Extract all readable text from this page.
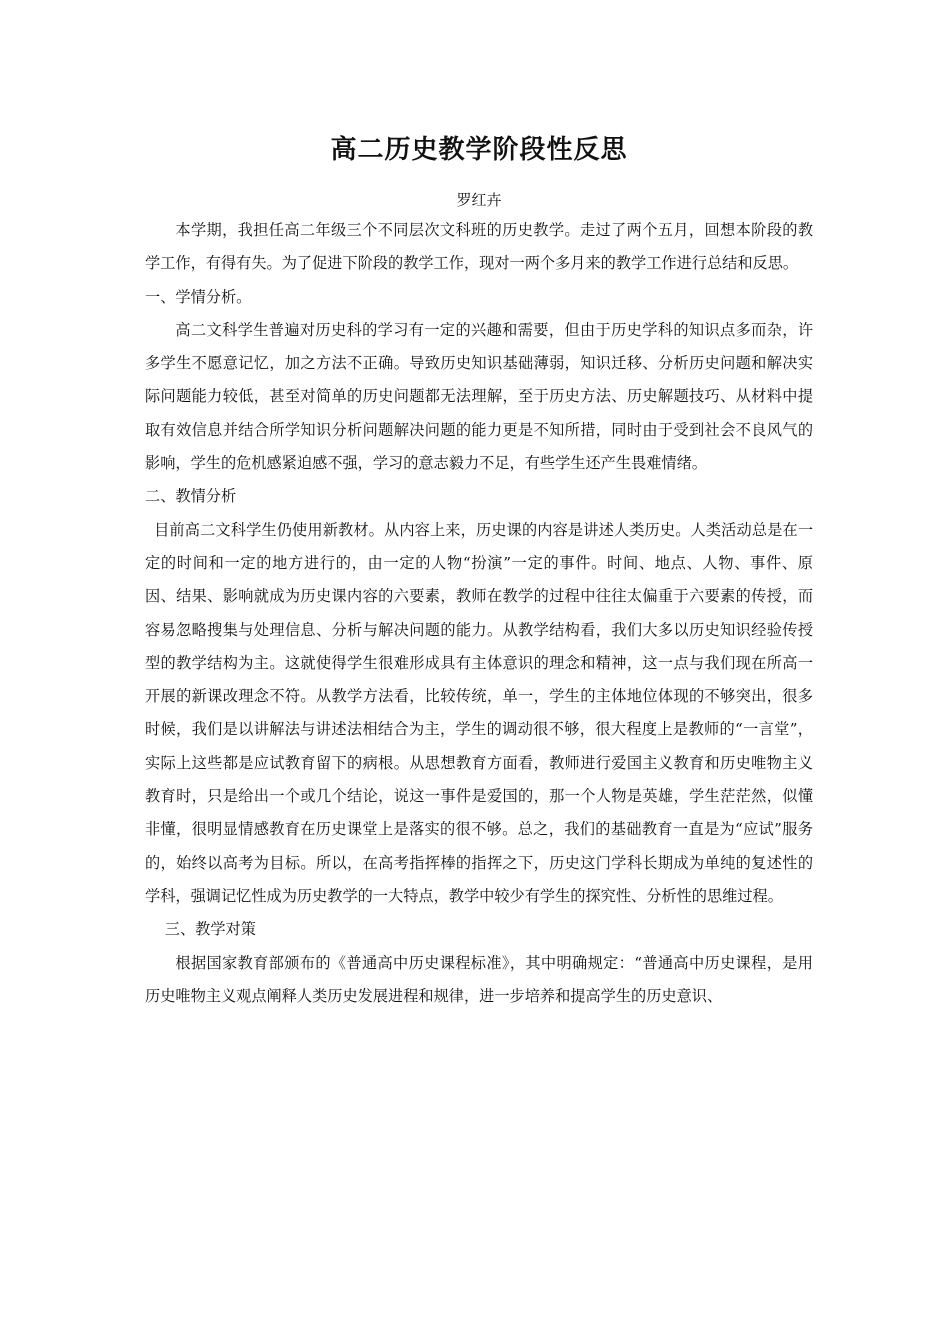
高二历史教学阶段性反思
罗红卉

本学期，我担任高二年级三个不同层次文科班的历史教学。走过了两个五月，回想本阶段的教学工作，有得有失。为了促进下阶段的教学工作，现对一两个多月来的教学工作进行总结和反思。

一、学情分析。

高二文科学生普遍对历史科的学习有一定的兴趣和需要，但由于历史学科的知识点多而杂，许多学生不愿意记忆，加之方法不正确。导致历史知识基础薄弱，知识迁移、分析历史问题和解决实际问题能力较低，甚至对简单的历史问题都无法理解，至于历史方法、历史解题技巧、从材料中提取有效信息并结合所学知识分析问题解决问题的能力更是不知所措，同时由于受到社会不良风气的影响，学生的危机感紧迫感不强，学习的意志毅力不足，有些学生还产生畏难情绪。

二、教情分析

目前高二文科学生仍使用新教材。从内容上来，历史课的内容是讲述人类历史。人类活动总是在一定的时间和一定的地方进行的，由一定的人物“扮演”一定的事件。时间、地点、人物、事件、原因、结果、影响就成为历史课内容的六要素，教师在教学的过程中往往太偏重于六要素的传授，而容易忽略搜集与处理信息、分析与解决问题的能力。从教学结构看，我们大多以历史知识经验传授型的教学结构为主。这就使得学生很难形成具有主体意识的理念和精神，这一点与我们现在所高一开展的新课改理念不符。从教学方法看，比较传统，单一，学生的主体地位体现的不够突出，很多时候，我们是以讲解法与讲述法相结合为主，学生的调动很不够，很大程度上是教师的“一言堂”，实际上这些都是应试教育留下的病根。从思想教育方面看，教师进行爱国主义教育和历史唯物主义教育时，只是给出一个或几个结论，说这一事件是爱国的，那一个人物是英雄，学生茫茫然，似懂非懂，很明显情感教育在历史课堂上是落实的很不够。总之，我们的基础教育一直是为“应试”服务的，始终以高考为目标。所以，在高考指挥棒的指挥之下，历史这门学科长期成为单纯的复述性的学科，强调记忆性成为历史教学的一大特点，教学中较少有学生的探究性、分析性的思维过程。

三、教学对策

根据国家教育部颁布的《普通高中历史课程标准》，其中明确规定：“普通高中历史课程，是用历史唯物主义观点阐释人类历史发展进程和规律，进一步培养和提高学生的历史意识、
